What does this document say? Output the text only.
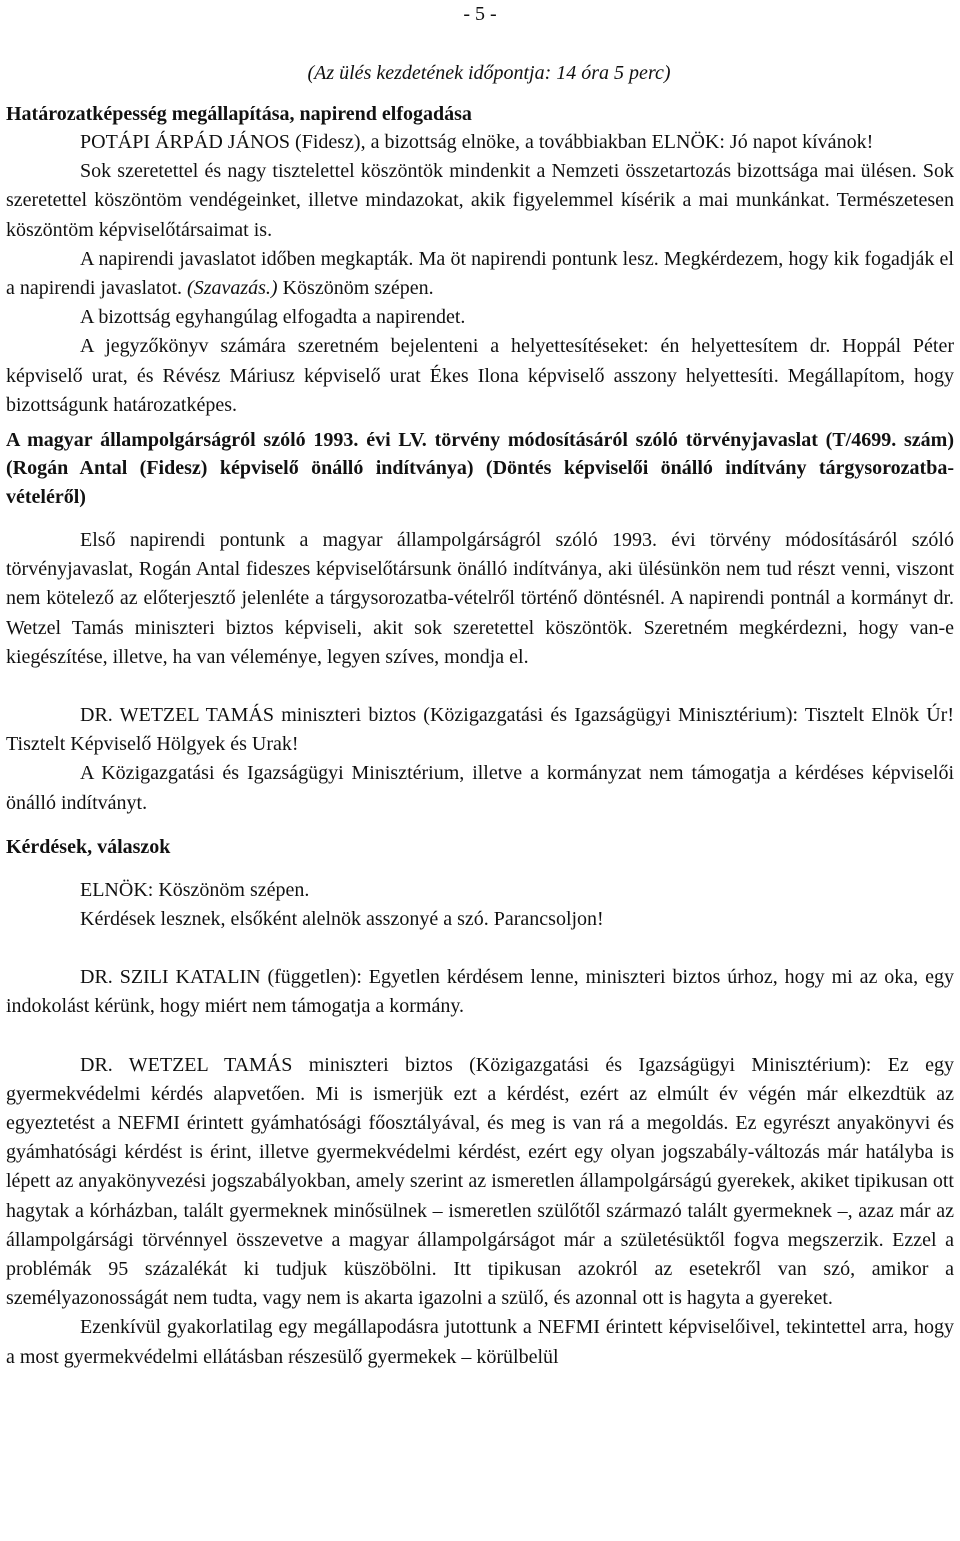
- 5 -
(Az ülés kezdetének időpontja: 14 óra 5 perc)
Határozatképesség megállapítása, napirend elfogadása

POTÁPI ÁRPÁD JÁNOS (Fidesz), a bizottság elnöke, a továbbiakban ELNÖK: Jó napot kívánok!

Sok szeretettel és nagy tisztelettel köszöntök mindenkit a Nemzeti összetartozás bizottsága mai ülésen. Sok szeretettel köszöntöm vendégeinket, illetve mindazokat, akik figyelemmel kísérik a mai munkánkat. Természetesen köszöntöm képviselőtársaimat is.

A napirendi javaslatot időben megkapták. Ma öt napirendi pontunk lesz. Megkérdezem, hogy kik fogadják el a napirendi javaslatot. (Szavazás.) Köszönöm szépen.

A bizottság egyhangúlag elfogadta a napirendet.

A jegyzőkönyv számára szeretném bejelenteni a helyettesítéseket: én helyettesítem dr. Hoppál Péter képviselő urat, és Révész Máriusz képviselő urat Ékes Ilona képviselő asszony helyettesíti. Megállapítom, hogy bizottságunk határozatképes.

A magyar állampolgárságról szóló 1993. évi LV. törvény módosításáról szóló törvényjavaslat (T/4699. szám) (Rogán Antal (Fidesz) képviselő önálló indítványa) (Döntés képviselői önálló indítvány tárgysorozatba-vételéről)

Első napirendi pontunk a magyar állampolgárságról szóló 1993. évi törvény módosításáról szóló törvényjavaslat, Rogán Antal fideszes képviselőtársunk önálló indítványa, aki ülésünkön nem tud részt venni, viszont nem kötelező az előterjesztő jelenléte a tárgysorozatba-vételről történő döntésnél. A napirendi pontnál a kormányt dr. Wetzel Tamás miniszteri biztos képviseli, akit sok szeretettel köszöntök. Szeretném megkérdezni, hogy van-e kiegészítése, illetve, ha van véleménye, legyen szíves, mondja el.

DR. WETZEL TAMÁS miniszteri biztos (Közigazgatási és Igazságügyi Minisztérium): Tisztelt Elnök Úr! Tisztelt Képviselő Hölgyek és Urak!

A Közigazgatási és Igazságügyi Minisztérium, illetve a kormányzat nem támogatja a kérdéses képviselői önálló indítványt.

Kérdések, válaszok

ELNÖK: Köszönöm szépen.

Kérdések lesznek, elsőként alelnök asszonyé a szó. Parancsoljon!

DR. SZILI KATALIN (független): Egyetlen kérdésem lenne, miniszteri biztos úrhoz, hogy mi az oka, egy indokolást kérünk, hogy miért nem támogatja a kormány.

DR. WETZEL TAMÁS miniszteri biztos (Közigazgatási és Igazságügyi Minisztérium): Ez egy gyermekvédelmi kérdés alapvetően. Mi is ismerjük ezt a kérdést, ezért az elmúlt év végén már elkezdtük az egyeztetést a NEFMI érintett gyámhatósági főosztályával, és meg is van rá a megoldás. Ez egyrészt anyakönyvi és gyámhatósági kérdést is érint, illetve gyermekvédelmi kérdést, ezért egy olyan jogszabály-változás már hatályba is lépett az anyakönyvezési jogszabályokban, amely szerint az ismeretlen állampolgárságú gyerekek, akiket tipikusan ott hagytak a kórházban, talált gyermeknek minősülnek – ismeretlen szülőtől származó talált gyermeknek –, azaz már az állampolgársági törvénnyel összevetve a magyar állampolgárságot már a születésüktől fogva megszerzik. Ezzel a problémák 95 százalékát ki tudjuk küszöbölni. Itt tipikusan azokról az esetekről van szó, amikor a személyazonosságát nem tudta, vagy nem is akarta igazolni a szülő, és azonnal ott is hagyta a gyereket.

Ezenkívül gyakorlatilag egy megállapodásra jutottunk a NEFMI érintett képviselőivel, tekintettel arra, hogy a most gyermekvédelmi ellátásban részesülő gyermekek – körülbelül
